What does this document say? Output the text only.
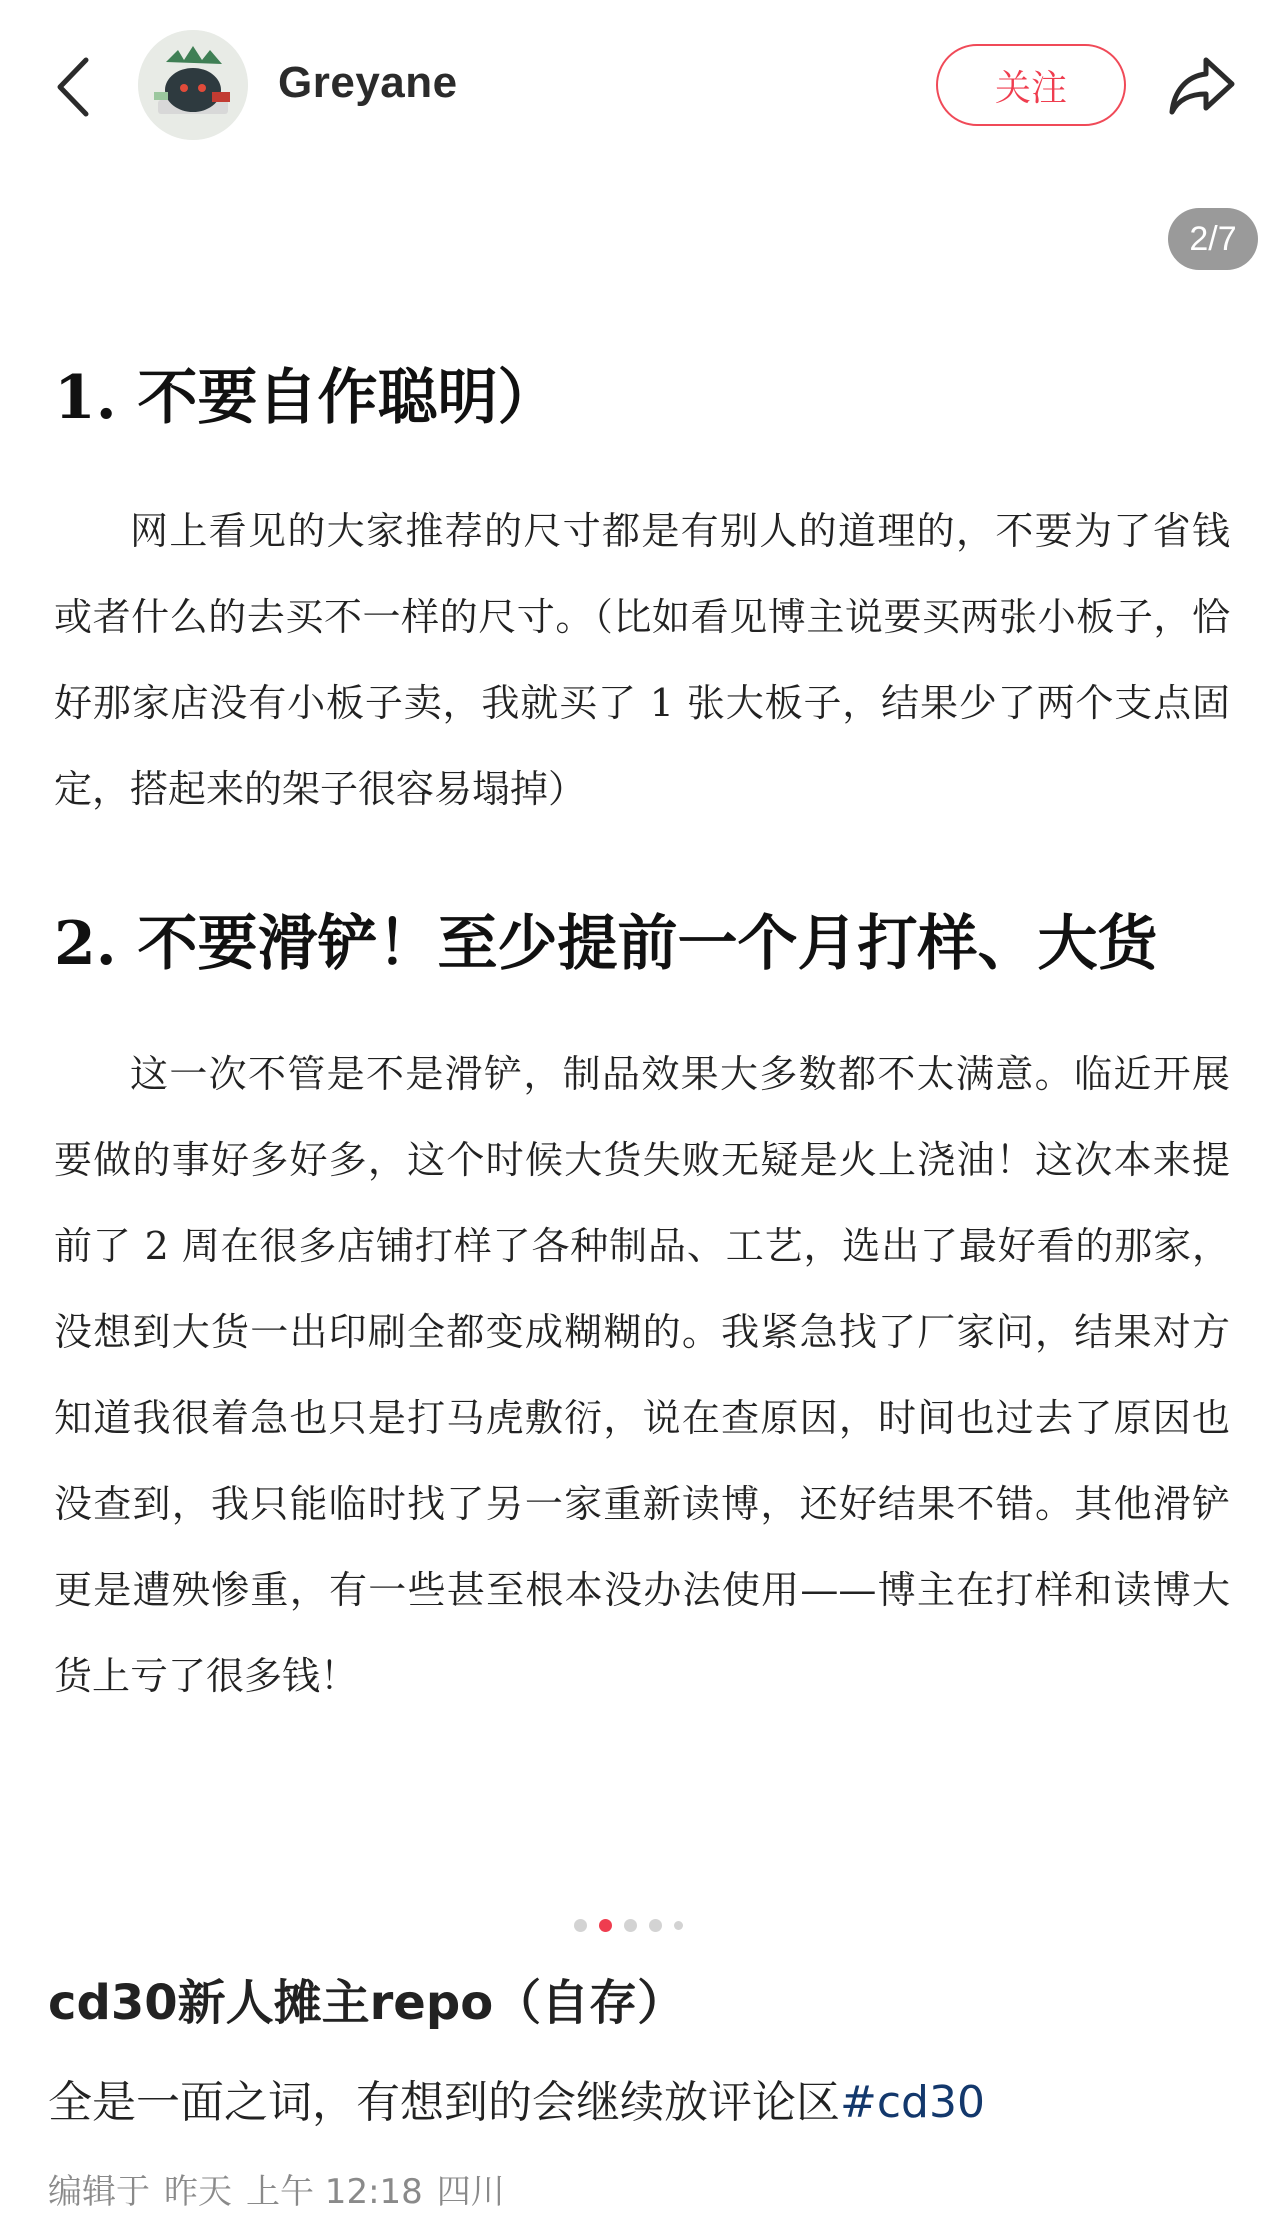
Greyane	关注
2/7
1. 不要自作聪明）
网上看见的大家推荐的尺寸都是有别人的道理的，不要为了省钱或者什么的去买不一样的尺寸。（比如看见博主说要买两张小板子，恰好那家店没有小板子卖，我就买了 1 张大板子，结果少了两个支点固定，搭起来的架子很容易塌掉）
2. 不要滑铲！至少提前一个月打样、大货
这一次不管是不是滑铲，制品效果大多数都不太满意。临近开展要做的事好多好多，这个时候大货失败无疑是火上浇油！这次本来提前了 2 周在很多店铺打样了各种制品、工艺，选出了最好看的那家，没想到大货一出印刷全都变成糊糊的。我紧急找了厂家问，结果对方知道我很着急也只是打马虎敷衍，说在查原因，时间也过去了原因也没查到，我只能临时找了另一家重新读博，还好结果不错。其他滑铲更是遭殃惨重，有一些甚至根本没办法使用——博主在打样和读博大货上亏了很多钱！
cd30新人摊主repo（自存）
全是一面之词，有想到的会继续放评论区#cd30
编辑于 昨天 上午 12:18 四川
